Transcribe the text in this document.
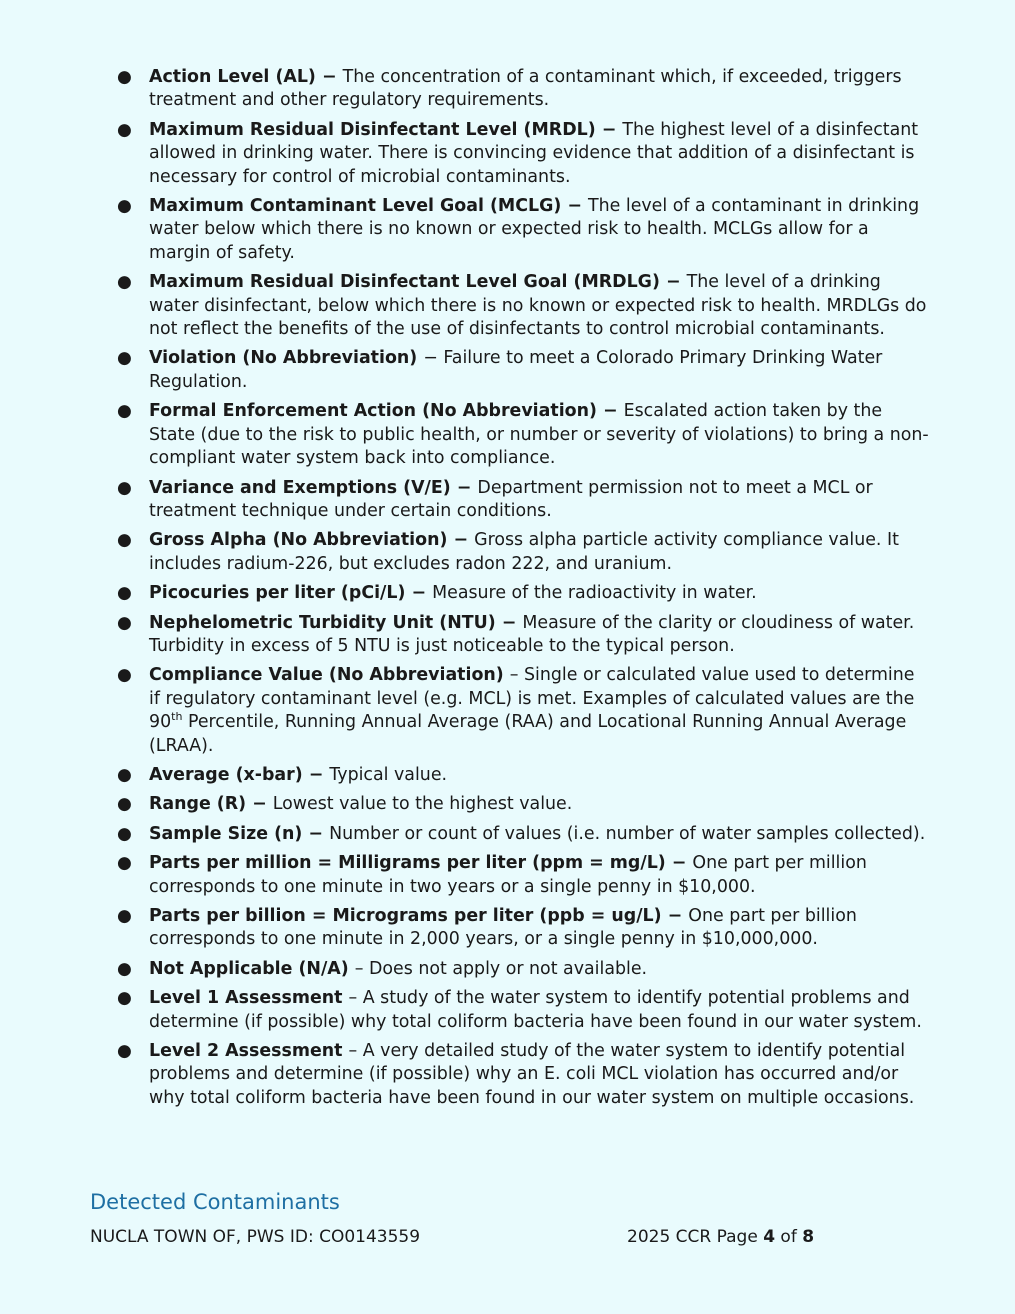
● Action Level (AL) − The concentration of a contaminant which, if exceeded, triggers treatment and other regulatory requirements.
● Maximum Residual Disinfectant Level (MRDL) − The highest level of a disinfectant allowed in drinking water. There is convincing evidence that addition of a disinfectant is necessary for control of microbial contaminants.
● Maximum Contaminant Level Goal (MCLG) − The level of a contaminant in drinking water below which there is no known or expected risk to health. MCLGs allow for a margin of safety.
● Maximum Residual Disinfectant Level Goal (MRDLG) − The level of a drinking water disinfectant, below which there is no known or expected risk to health. MRDLGs do not reflect the benefits of the use of disinfectants to control microbial contaminants.
● Violation (No Abbreviation) − Failure to meet a Colorado Primary Drinking Water Regulation.
● Formal Enforcement Action (No Abbreviation) − Escalated action taken by the State (due to the risk to public health, or number or severity of violations) to bring a non-compliant water system back into compliance.
● Variance and Exemptions (V/E) − Department permission not to meet a MCL or treatment technique under certain conditions.
● Gross Alpha (No Abbreviation) − Gross alpha particle activity compliance value. It includes radium-226, but excludes radon 222, and uranium.
● Picocuries per liter (pCi/L) − Measure of the radioactivity in water.
● Nephelometric Turbidity Unit (NTU) − Measure of the clarity or cloudiness of water. Turbidity in excess of 5 NTU is just noticeable to the typical person.
● Compliance Value (No Abbreviation) – Single or calculated value used to determine if regulatory contaminant level (e.g. MCL) is met. Examples of calculated values are the 90th Percentile, Running Annual Average (RAA) and Locational Running Annual Average (LRAA).
● Average (x-bar) − Typical value.
● Range (R) − Lowest value to the highest value.
● Sample Size (n) − Number or count of values (i.e. number of water samples collected).
● Parts per million = Milligrams per liter (ppm = mg/L) − One part per million corresponds to one minute in two years or a single penny in $10,000.
● Parts per billion = Micrograms per liter (ppb = ug/L) − One part per billion corresponds to one minute in 2,000 years, or a single penny in $10,000,000.
● Not Applicable (N/A) – Does not apply or not available.
● Level 1 Assessment – A study of the water system to identify potential problems and determine (if possible) why total coliform bacteria have been found in our water system.
● Level 2 Assessment – A very detailed study of the water system to identify potential problems and determine (if possible) why an E. coli MCL violation has occurred and/or why total coliform bacteria have been found in our water system on multiple occasions.
Detected Contaminants
NUCLA TOWN OF, PWS ID: CO0143559	2025 CCR Page 4 of 8
